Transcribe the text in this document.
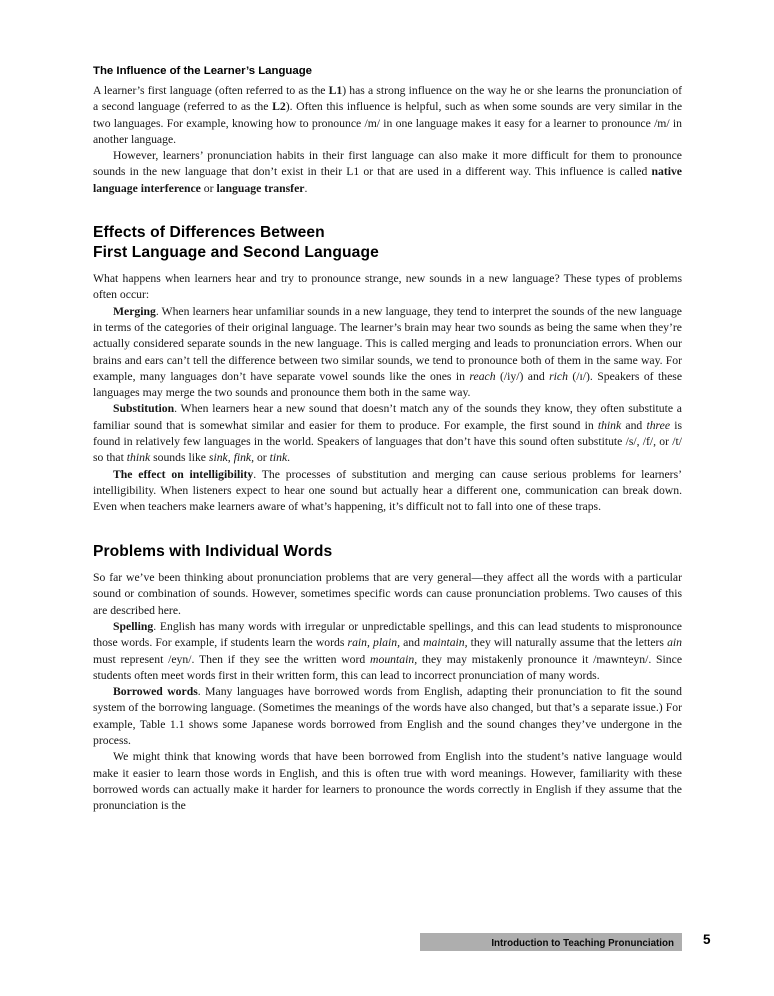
The Influence of the Learner’s Language

A learner’s first language (often referred to as the L1) has a strong influence on the way he or she learns the pronunciation of a second language (referred to as the L2). Often this influence is helpful, such as when some sounds are very similar in the two languages. For example, knowing how to pronounce /m/ in one language makes it easy for a learner to pronounce /m/ in another language.

However, learners’ pronunciation habits in their first language can also make it more difficult for them to pronounce sounds in the new language that don’t exist in their L1 or that are used in a different way. This influence is called native language interference or language transfer.

Effects of Differences Between
First Language and Second Language

What happens when learners hear and try to pronounce strange, new sounds in a new language? These types of problems often occur:

Merging. When learners hear unfamiliar sounds in a new language, they tend to interpret the sounds of the new language in terms of the categories of their original language. The learner’s brain may hear two sounds as being the same when they’re actually considered separate sounds in the new language. This is called merging and leads to pronunciation errors. When our brains and ears can’t tell the difference between two similar sounds, we tend to pronounce both of them in the same way. For example, many languages don’t have separate vowel sounds like the ones in reach (/iy/) and rich (/ɪ/). Speakers of these languages may merge the two sounds and pronounce them both in the same way.

Substitution. When learners hear a new sound that doesn’t match any of the sounds they know, they often substitute a familiar sound that is somewhat similar and easier for them to produce. For example, the first sound in think and three is found in relatively few languages in the world. Speakers of languages that don’t have this sound often substitute /s/, /f/, or /t/ so that think sounds like sink, fink, or tink.

The effect on intelligibility. The processes of substitution and merging can cause serious problems for learners’ intelligibility. When listeners expect to hear one sound but actually hear a different one, communication can break down. Even when teachers make learners aware of what’s happening, it’s difficult not to fall into one of these traps.

Problems with Individual Words

So far we’ve been thinking about pronunciation problems that are very general—they affect all the words with a particular sound or combination of sounds. However, sometimes specific words can cause pronunciation problems. Two causes of this are described here.

Spelling. English has many words with irregular or unpredictable spellings, and this can lead students to mispronounce those words. For example, if students learn the words rain, plain, and maintain, they will naturally assume that the letters ain must represent /eyn/. Then if they see the written word mountain, they may mistakenly pronounce it /mawnteyn/. Since students often meet words first in their written form, this can lead to incorrect pronunciation of many words.

Borrowed words. Many languages have borrowed words from English, adapting their pronunciation to fit the sound system of the borrowing language. (Sometimes the meanings of the words have also changed, but that’s a separate issue.) For example, Table 1.1 shows some Japanese words borrowed from English and the sound changes they’ve undergone in the process.

We might think that knowing words that have been borrowed from English into the student’s native language would make it easier to learn those words in English, and this is often true with word meanings. However, familiarity with these borrowed words can actually make it harder for learners to pronounce the words correctly in English if they assume that the pronunciation is the

Introduction to Teaching Pronunciation	5
